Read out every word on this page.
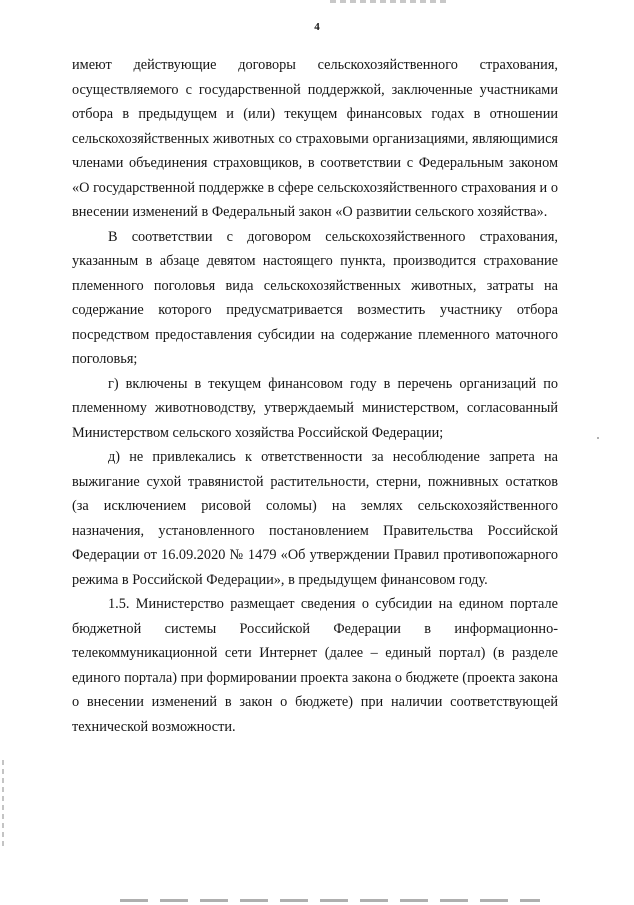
4

имеют действующие договоры сельскохозяйственного страхования, осуществляемого с государственной поддержкой, заключенные участниками отбора в предыдущем и (или) текущем финансовых годах в отношении сельскохозяйственных животных со страховыми организациями, являющимися членами объединения страховщиков, в соответствии с Федеральным законом «О государственной поддержке в сфере сельскохозяйственного страхования и о внесении изменений в Федеральный закон «О развитии сельского хозяйства».

В соответствии с договором сельскохозяйственного страхования, указанным в абзаце девятом настоящего пункта, производится страхование племенного поголовья вида сельскохозяйственных животных, затраты на содержание которого предусматривается возместить участнику отбора посредством предоставления субсидии на содержание племенного маточного поголовья;

г) включены в текущем финансовом году в перечень организаций по племенному животноводству, утверждаемый министерством, согласованный Министерством сельского хозяйства Российской Федерации;

д) не привлекались к ответственности за несоблюдение запрета на выжигание сухой травянистой растительности, стерни, пожнивных остатков (за исключением рисовой соломы) на землях сельскохозяйственного назначения, установленного постановлением Правительства Российской Федерации от 16.09.2020 № 1479 «Об утверждении Правил противопожарного режима в Российской Федерации», в предыдущем финансовом году.

1.5. Министерство размещает сведения о субсидии на едином портале бюджетной системы Российской Федерации в информационно-телекоммуникационной сети Интернет (далее – единый портал) (в разделе единого портала) при формировании проекта закона о бюджете (проекта закона о внесении изменений в закон о бюджете) при наличии соответствующей технической возможности.
